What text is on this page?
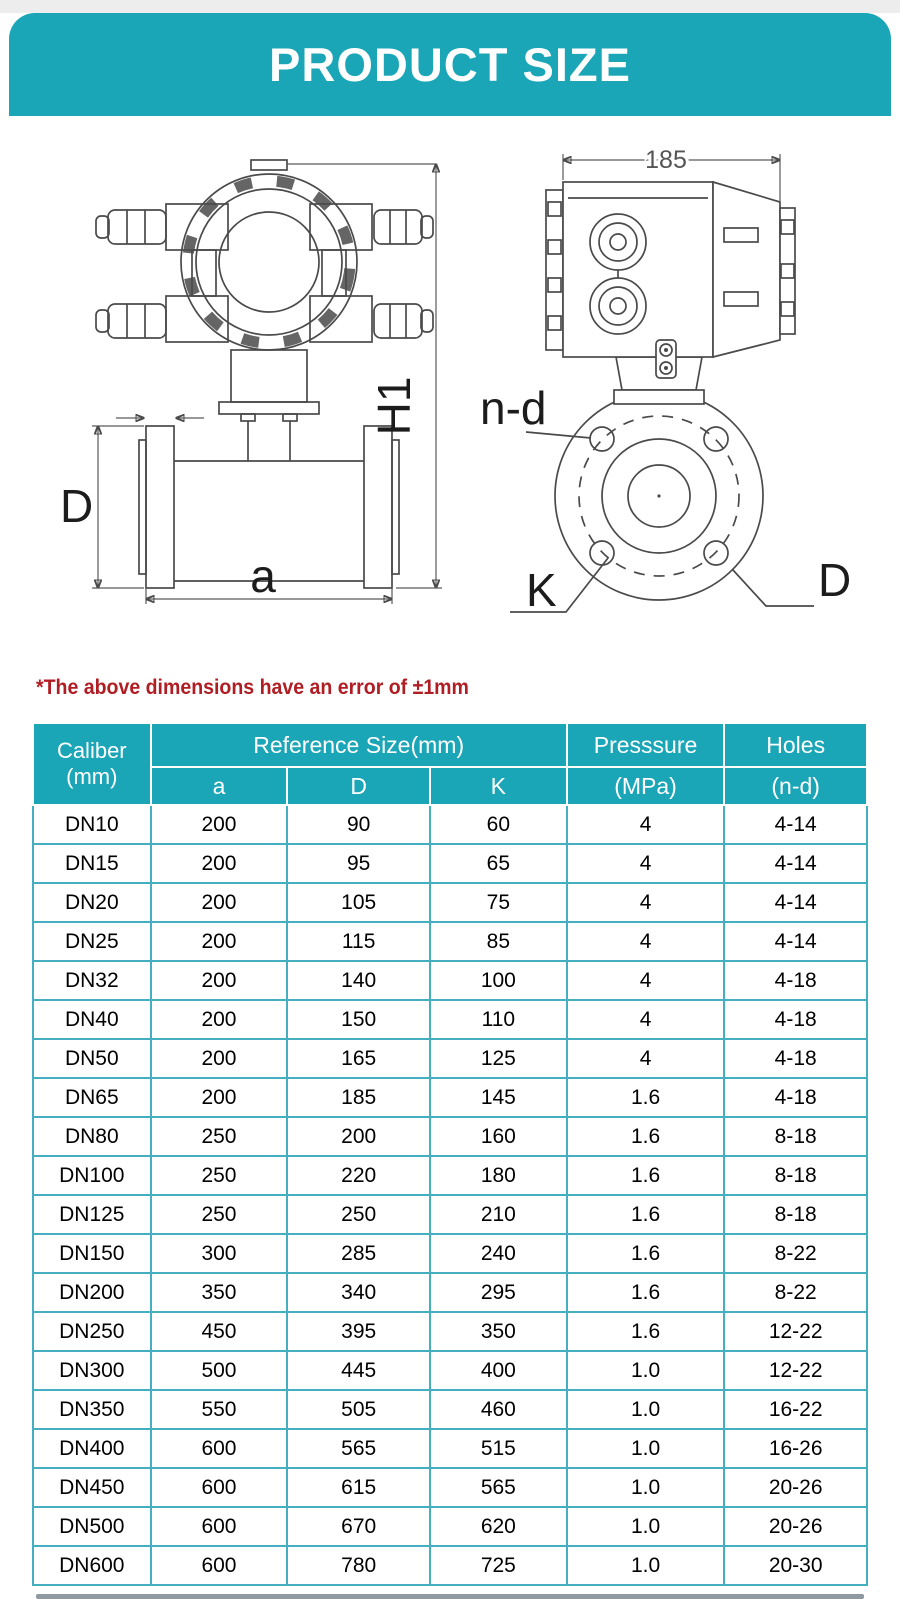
PRODUCT SIZE
D
a
H1
185
n-d
K	D

*The above dimensions have an error of ±1mm

Caliber
(mm)	Reference Size(mm)			Presssure	Holes
	a	D	K	(MPa)	(n-d)
DN10	200	90	60	4	4-14
DN15	200	95	65	4	4-14
DN20	200	105	75	4	4-14
DN25	200	115	85	4	4-14
DN32	200	140	100	4	4-18
DN40	200	150	110	4	4-18
DN50	200	165	125	4	4-18
DN65	200	185	145	1.6	4-18
DN80	250	200	160	1.6	8-18
DN100	250	220	180	1.6	8-18
DN125	250	250	210	1.6	8-18
DN150	300	285	240	1.6	8-22
DN200	350	340	295	1.6	8-22
DN250	450	395	350	1.6	12-22
DN300	500	445	400	1.0	12-22
DN350	550	505	460	1.0	16-22
DN400	600	565	515	1.0	16-26
DN450	600	615	565	1.0	20-26
DN500	600	670	620	1.0	20-26
DN600	600	780	725	1.0	20-30
